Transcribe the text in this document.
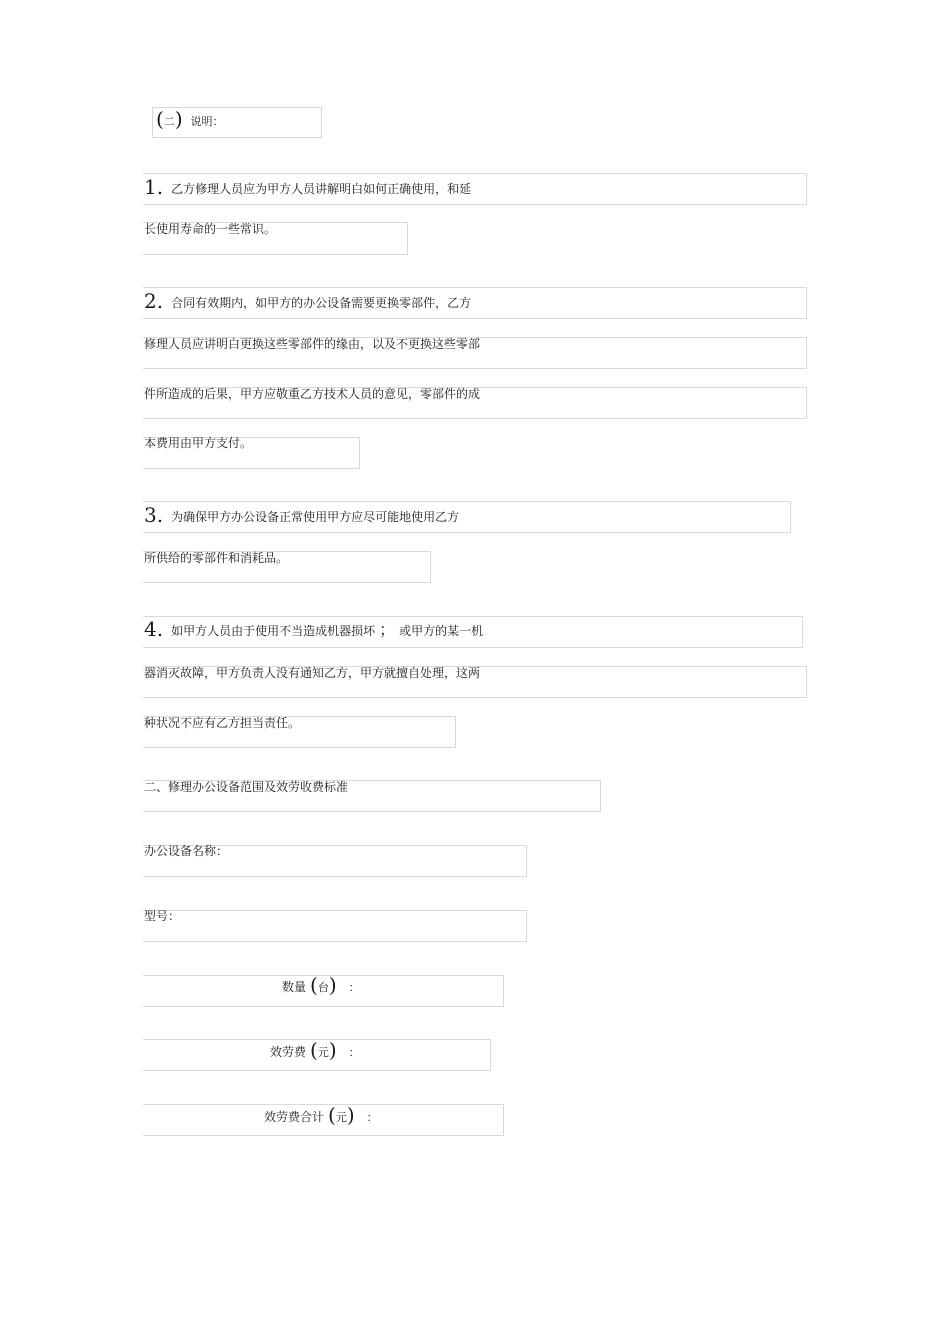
(二) 说明：
1. 乙方修理人员应为甲方人员讲解明白如何正确使用，和延
长使用寿命的一些常识。
2. 合同有效期内，如甲方的办公设备需要更换零部件，乙方
修理人员应讲明白更换这些零部件的缘由，以及不更换这些零部
件所造成的后果，甲方应敬重乙方技术人员的意见，零部件的成
本费用由甲方支付。
3. 为确保甲方办公设备正常使用甲方应尽可能地使用乙方
所供给的零部件和消耗品。
4. 如甲方人员由于使用不当造成机器损坏 ； 或甲方的某一机
器消灭故障，甲方负责人没有通知乙方，甲方就擅自处理，这两
种状况不应有乙方担当责任。
二、修理办公设备范围及效劳收费标准
办公设备名称：
型号：
数量 (台) ：
效劳费 (元) ：
效劳费合计 (元) ：
